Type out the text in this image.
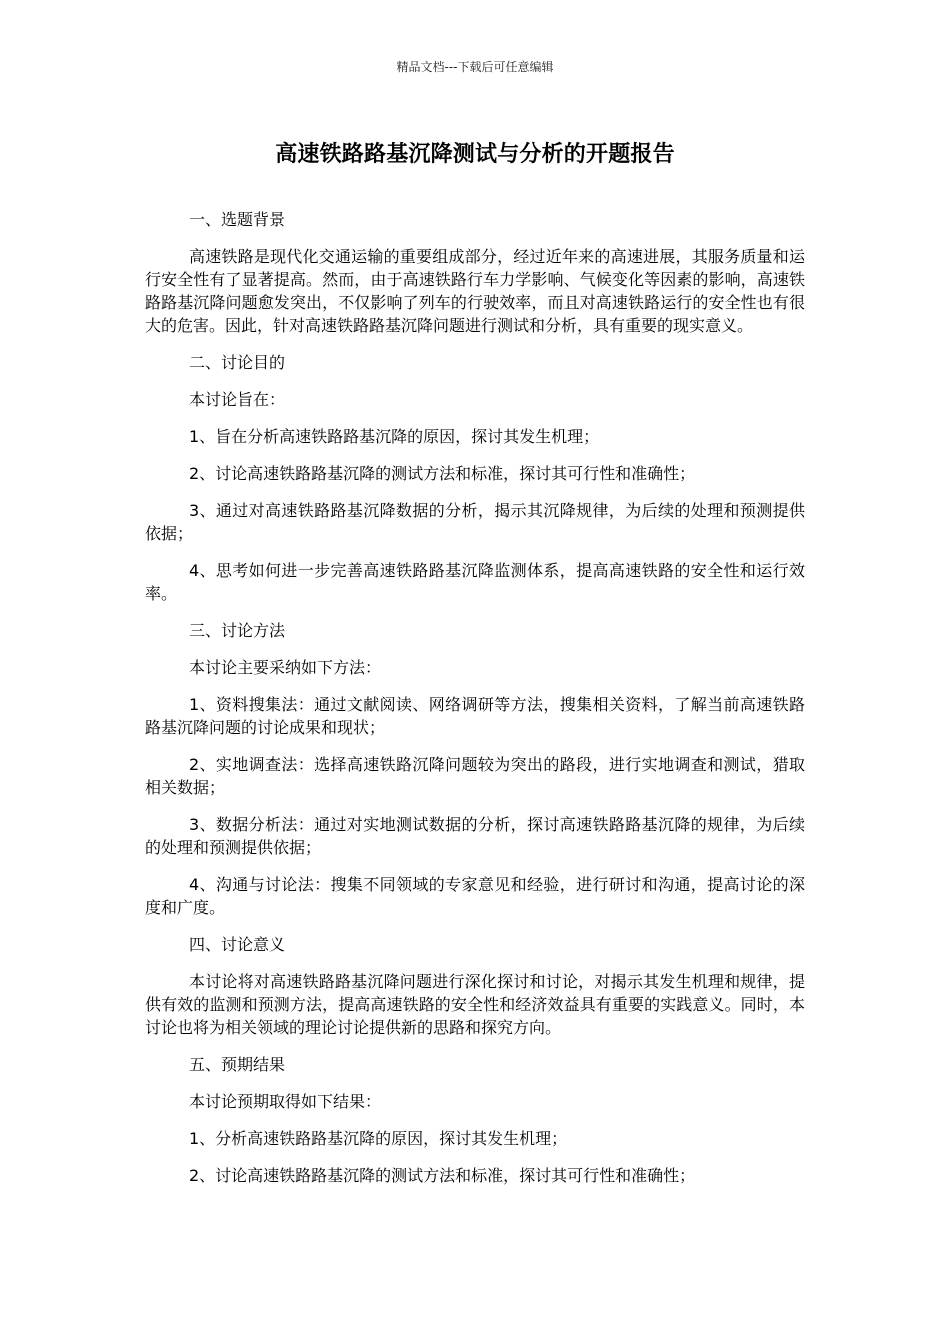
精品文档---下载后可任意编辑
高速铁路路基沉降测试与分析的开题报告

一、选题背景

高速铁路是现代化交通运输的重要组成部分，经过近年来的高速进展，其服务质量和运行安全性有了显著提高。然而，由于高速铁路行车力学影响、气候变化等因素的影响，高速铁路路基沉降问题愈发突出，不仅影响了列车的行驶效率，而且对高速铁路运行的安全性也有很大的危害。因此，针对高速铁路路基沉降问题进行测试和分析，具有重要的现实意义。

二、讨论目的

本讨论旨在：

1、旨在分析高速铁路路基沉降的原因，探讨其发生机理；

2、讨论高速铁路路基沉降的测试方法和标准，探讨其可行性和准确性；

3、通过对高速铁路路基沉降数据的分析，揭示其沉降规律，为后续的处理和预测提供依据；

4、思考如何进一步完善高速铁路路基沉降监测体系，提高高速铁路的安全性和运行效率。

三、讨论方法

本讨论主要采纳如下方法：

1、资料搜集法：通过文献阅读、网络调研等方法，搜集相关资料，了解当前高速铁路路基沉降问题的讨论成果和现状；

2、实地调查法：选择高速铁路沉降问题较为突出的路段，进行实地调查和测试，猎取相关数据；

3、数据分析法：通过对实地测试数据的分析，探讨高速铁路路基沉降的规律，为后续的处理和预测提供依据；

4、沟通与讨论法：搜集不同领域的专家意见和经验，进行研讨和沟通，提高讨论的深度和广度。

四、讨论意义

本讨论将对高速铁路路基沉降问题进行深化探讨和讨论，对揭示其发生机理和规律，提供有效的监测和预测方法，提高高速铁路的安全性和经济效益具有重要的实践意义。同时，本讨论也将为相关领域的理论讨论提供新的思路和探究方向。

五、预期结果

本讨论预期取得如下结果：

1、分析高速铁路路基沉降的原因，探讨其发生机理；

2、讨论高速铁路路基沉降的测试方法和标准，探讨其可行性和准确性；
